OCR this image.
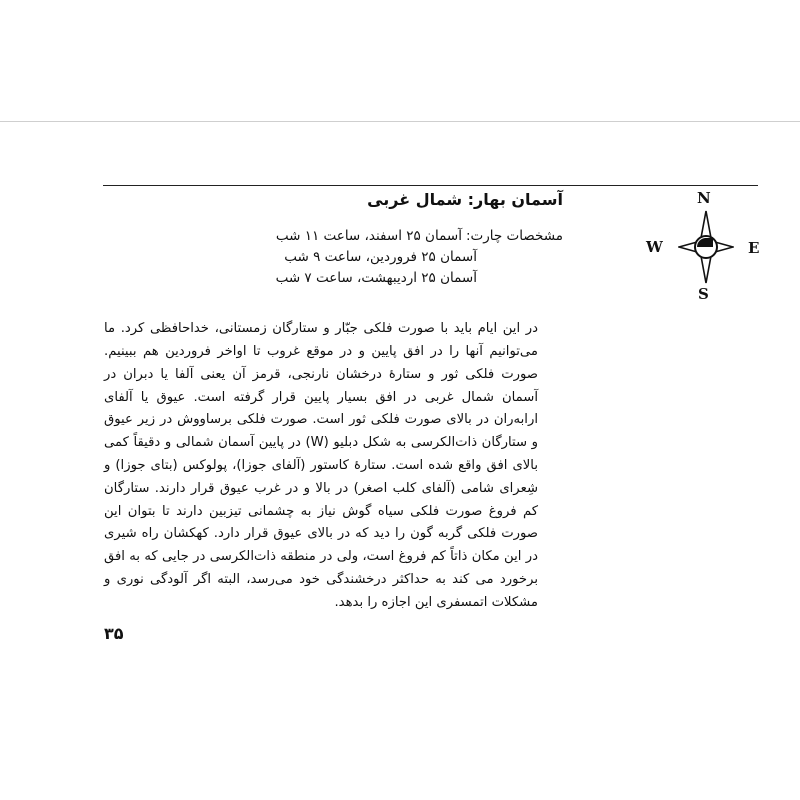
N
S
W	E
آسمان بهار: شمال غربی
مشخصات چارت:آسمان ۲۵ اسفند، ساعت ۱۱ شب
آسمان ۲۵ فروردین، ساعت ۹ شب
آسمان ۲۵ اردیبهشت، ساعت ۷ شب

در این ایام باید با صورت فلکی جبّار و ستارگان زمستانی، خداحافظی کرد. ما می‌توانیم آنها را در افق پایین و در موقع غروب تا اواخر فروردین هم ببینیم. صورت فلکی ثور و ستارهٔ درخشان نارنجی، قرمز آن یعنی آلفا یا دبران در آسمان شمال غربی در افق بسیار پایین قرار گرفته است. عیوق یا آلفای ارابه‌ران در بالای صورت فلکی ثور است. صورت فلکی برساووش در زیر عیوق و ستارگان ذات‌الکرسی به شکل دبلیو (W) در پایین آسمان شمالی و دقیقاً کمی بالای افق واقع شده است. ستارهٔ کاستور (آلفای جوزا)، پولوکس (بتای جوزا) و شِعرای شامی (آلفای کلب اصغر) در بالا و در غرب عیوق قرار دارند. ستارگان کم فروغ صورت فلکی سیاه گوش نیاز به چشمانی تیزبین دارند تا بتوان این صورت فلکی گربه گون را دید که در بالای عیوق قرار دارد. کهکشان راه شیری در این مکان ذاتاً کم فروغ است، ولی در منطقه ذات‌الکرسی در جایی که به افق برخورد می کند به حداکثر درخشندگی خود می‌رسد، البته اگر آلودگی نوری و مشکلات اتمسفری این اجازه را بدهد.

۳۵
